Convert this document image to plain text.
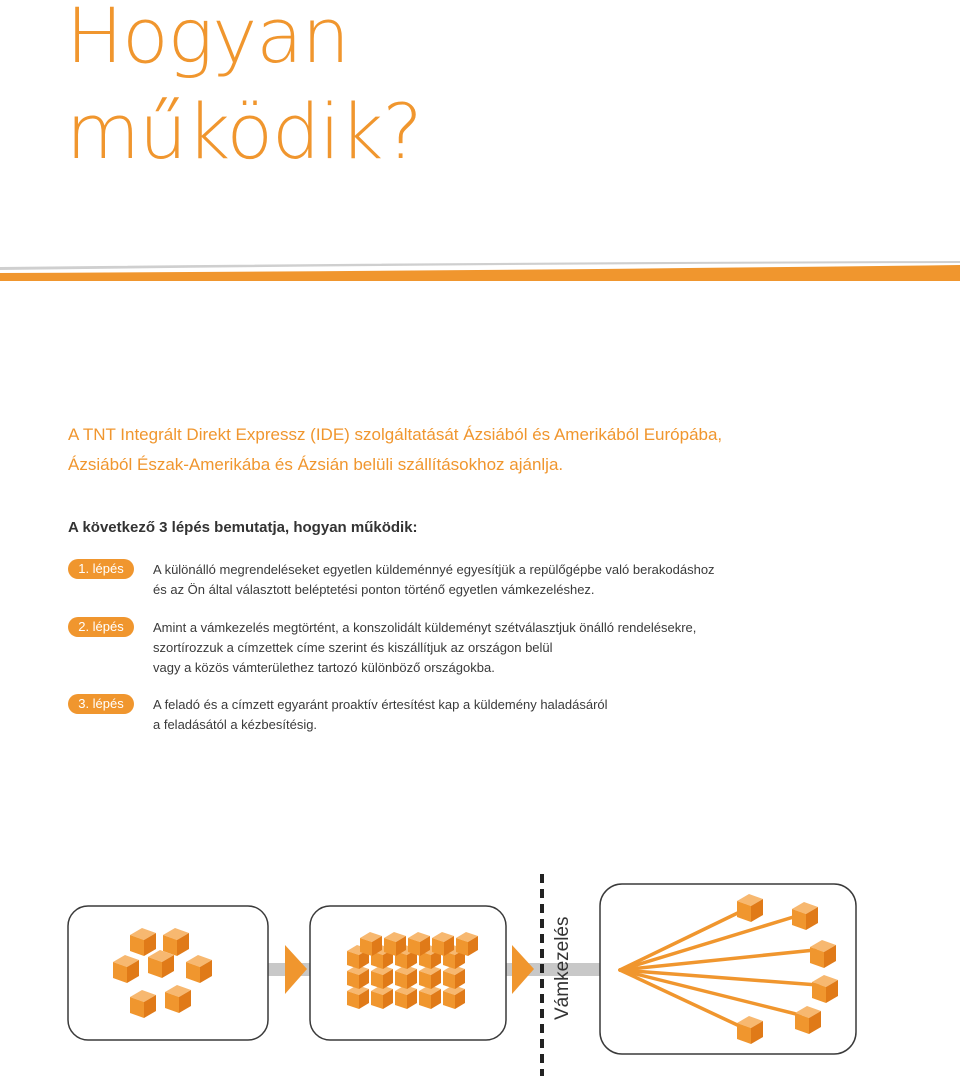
Hogyan
működik?
A TNT Integrált Direkt Expressz (IDE) szolgáltatását Ázsiából és Amerikából Európába,
Ázsiából Észak-Amerikába és Ázsián belüli szállításokhoz ajánlja.
A következő 3 lépés bemutatja, hogyan működik:
1. lépés	A különálló megrendeléseket egyetlen küldeménnyé egyesítjük a repülőgépbe való berakodáshoz
és az Ön által választott beléptetési ponton történő egyetlen vámkezeléshez.
2. lépés	Amint a vámkezelés megtörtént, a konszolidált küldeményt szétválasztjuk önálló rendelésekre,
szortírozzuk a címzettek címe szerint és kiszállítjuk az országon belül
vagy a közös vámterülethez tartozó különböző országokba.
3. lépés	A feladó és a címzett egyaránt proaktív értesítést kap a küldemény haladásáról
a feladásától a kézbesítésig.
Vámkezelés
